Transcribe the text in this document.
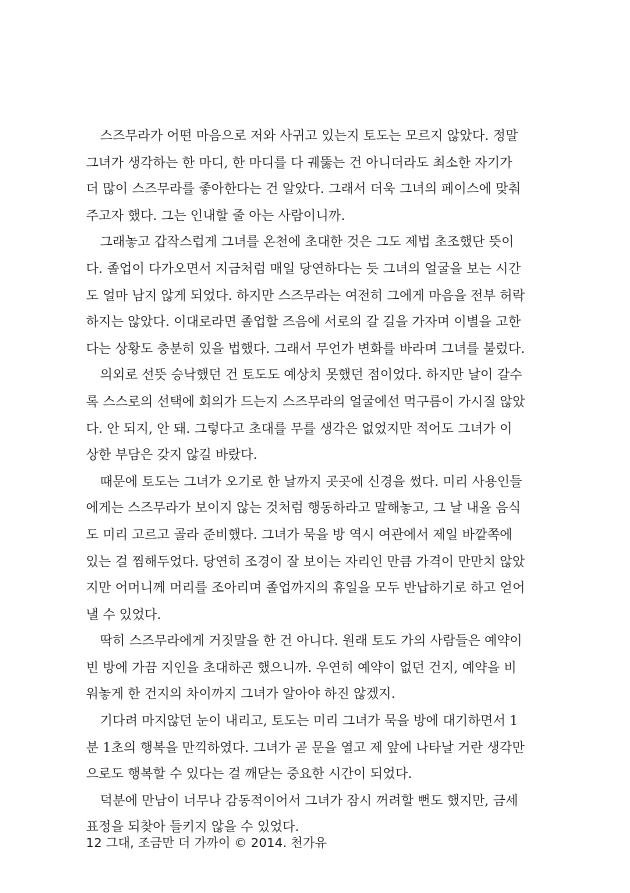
스즈무라가 어떤 마음으로 저와 사귀고 있는지 토도는 모르지 않았다. 정말
그녀가 생각하는 한 마디, 한 마디를 다 궤뚫는 건 아니더라도 최소한 자기가
더 많이 스즈무라를 좋아한다는 건 알았다. 그래서 더욱 그녀의 페이스에 맞춰
주고자 했다. 그는 인내할 줄 아는 사람이니까.
그래놓고 갑작스럽게 그녀를 온천에 초대한 것은 그도 제법 초조했단 뜻이
다. 졸업이 다가오면서 지금처럼 매일 당연하다는 듯 그녀의 얼굴을 보는 시간
도 얼마 남지 않게 되었다. 하지만 스즈무라는 여전히 그에게 마음을 전부 허락
하지는 않았다. 이대로라면 졸업할 즈음에 서로의 갈 길을 가자며 이별을 고한
다는 상황도 충분히 있을 법했다. 그래서 무언가 변화를 바라며 그녀를 불렀다.
의외로 선뜻 승낙했던 건 토도도 예상치 못했던 점이었다. 하지만 날이 갈수
록 스스로의 선택에 회의가 드는지 스즈무라의 얼굴에선 먹구름이 가시질 않았
다. 안 되지, 안 돼. 그렇다고 초대를 무를 생각은 없었지만 적어도 그녀가 이
상한 부담은 갖지 않길 바랐다.
때문에 토도는 그녀가 오기로 한 날까지 곳곳에 신경을 썼다. 미리 사용인들
에게는 스즈무라가 보이지 않는 것처럼 행동하라고 말해놓고, 그 날 내올 음식
도 미리 고르고 골라 준비했다. 그녀가 묵을 방 역시 여관에서 제일 바깥쪽에
있는 걸 찜해두었다. 당연히 조경이 잘 보이는 자리인 만큼 가격이 만만치 않았
지만 어머니께 머리를 조아리며 졸업까지의 휴일을 모두 반납하기로 하고 얻어
낼 수 있었다.
딱히 스즈무라에게 거짓말을 한 건 아니다. 원래 토도 가의 사람들은 예약이
빈 방에 가끔 지인을 초대하곤 했으니까. 우연히 예약이 없던 건지, 예약을 비
워놓게 한 건지의 차이까지 그녀가 알아야 하진 않겠지.
기다려 마지않던 눈이 내리고, 토도는 미리 그녀가 묵을 방에 대기하면서 1
분 1초의 행복을 만끽하였다. 그녀가 곧 문을 열고 제 앞에 나타날 거란 생각만
으로도 행복할 수 있다는 걸 깨닫는 중요한 시간이 되었다.
덕분에 만남이 너무나 감동적이어서 그녀가 잠시 꺼려할 뻔도 했지만, 금세
표정을 되찾아 들키지 않을 수 있었다.
12 그대, 조금만 더 가까이 © 2014. 천가유
